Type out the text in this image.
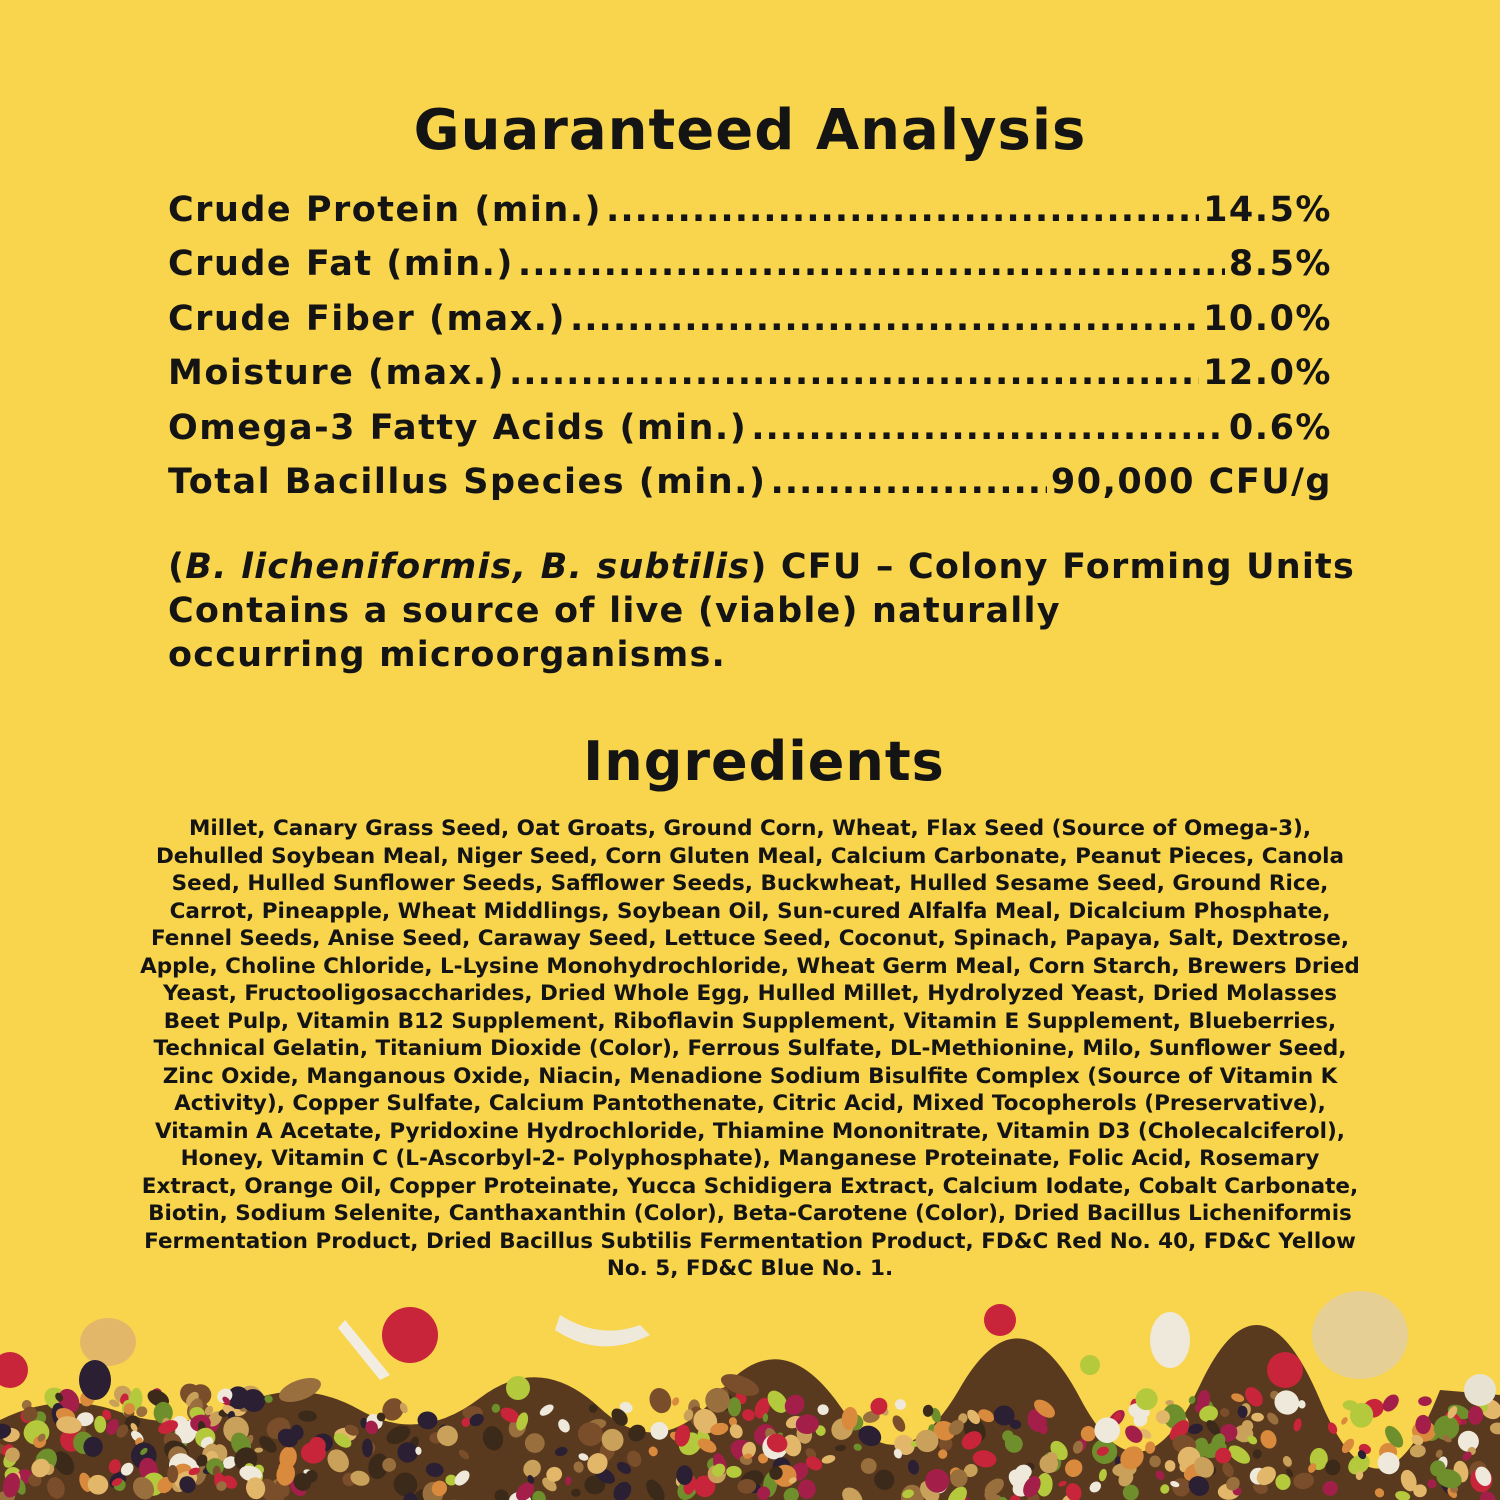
Guaranteed Analysis
Crude Protein (min.) .....	14.5%
Crude Fat (min.) .....	8.5%
Crude Fiber (max.) .....	10.0%
Moisture (max.) .....	12.0%
Omega-3 Fatty Acids (min.) .....	0.6%
Total Bacillus Species (min.) .....	90,000 CFU/g

(B. licheniformis, B. subtilis) CFU – Colony Forming Units

Contains a source of live (viable) naturally

occurring microorganisms.

Ingredients
Millet, Canary Grass Seed, Oat Groats, Ground Corn, Wheat, Flax Seed (Source of Omega-3), Dehulled Soybean Meal, Niger Seed, Corn Gluten Meal, Calcium Carbonate, Peanut Pieces, Canola Seed, Hulled Sunflower Seeds, Safflower Seeds, Buckwheat, Hulled Sesame Seed, Ground Rice, Carrot, Pineapple, Wheat Middlings, Soybean Oil, Sun-cured Alfalfa Meal, Dicalcium Phosphate, Fennel Seeds, Anise Seed, Caraway Seed, Lettuce Seed, Coconut, Spinach, Papaya, Salt, Dextrose, Apple, Choline Chloride, L-Lysine Monohydrochloride, Wheat Germ Meal, Corn Starch, Brewers Dried Yeast, Fructooligosaccharides, Dried Whole Egg, Hulled Millet, Hydrolyzed Yeast, Dried Molasses Beet Pulp, Vitamin B12 Supplement, Riboflavin Supplement, Vitamin E Supplement, Blueberries, Technical Gelatin, Titanium Dioxide (Color), Ferrous Sulfate, DL-Methionine, Milo, Sunflower Seed, Zinc Oxide, Manganous Oxide, Niacin, Menadione Sodium Bisulfite Complex (Source of Vitamin K Activity), Copper Sulfate, Calcium Pantothenate, Citric Acid, Mixed Tocopherols (Preservative), Vitamin A Acetate, Pyridoxine Hydrochloride, Thiamine Mononitrate, Vitamin D3 (Cholecalciferol), Honey, Vitamin C (L-Ascorbyl-2- Polyphosphate), Manganese Proteinate, Folic Acid, Rosemary Extract, Orange Oil, Copper Proteinate, Yucca Schidigera Extract, Calcium Iodate, Cobalt Carbonate, Biotin, Sodium Selenite, Canthaxanthin (Color), Beta-Carotene (Color), Dried Bacillus Licheniformis Fermentation Product, Dried Bacillus Subtilis Fermentation Product, FD&C Red No. 40, FD&C Yellow No. 5, FD&C Blue No. 1.
